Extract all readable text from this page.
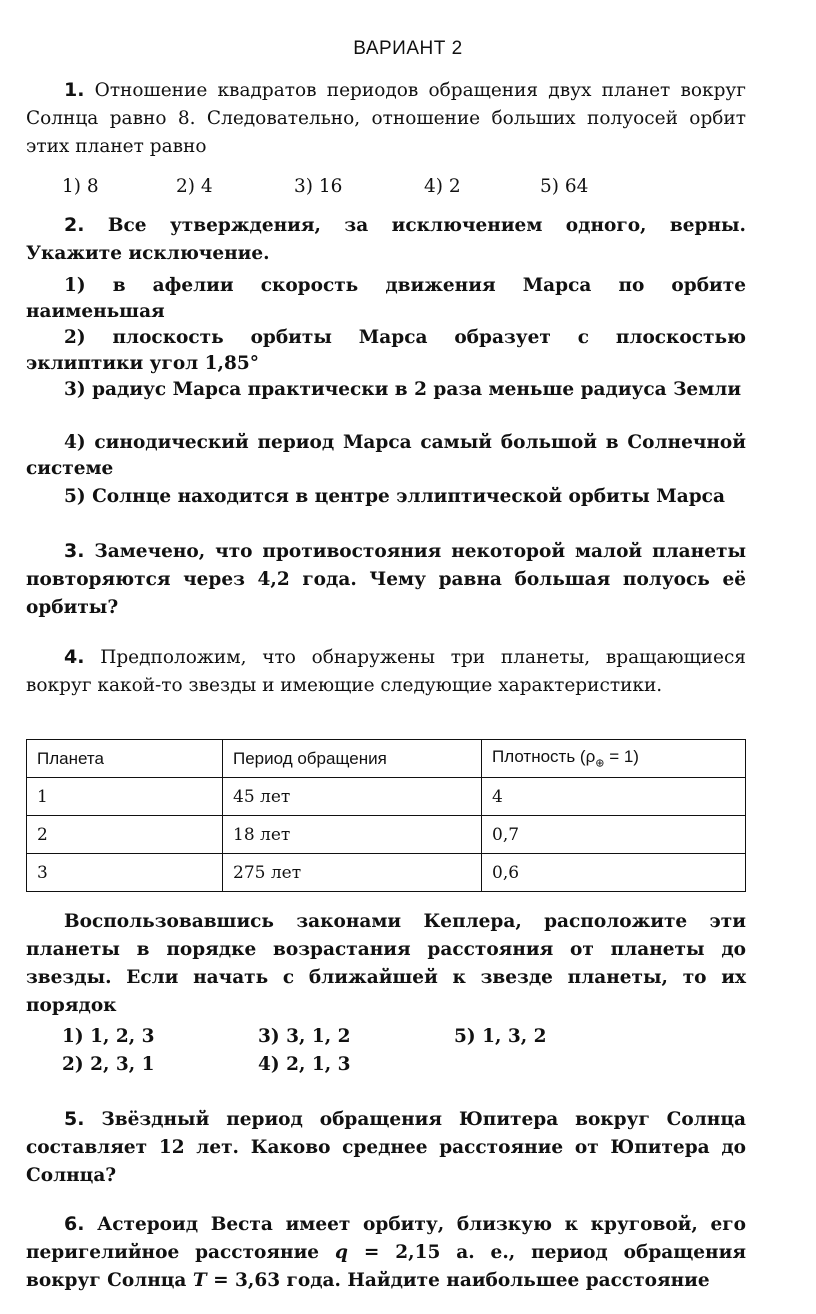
ВАРИАНТ 2

1. Отношение квадратов периодов обращения двух планет вокруг Солнца равно 8. Следовательно, отношение больших полуосей орбит этих планет равно

1) 8	2) 4	3) 16	4) 2	5) 64

2. Все утверждения, за исключением одного, верны. Укажите исключение.

1) в афелии скорость движения Марса по орбите наименьшая

2) плоскость орбиты Марса образует с плоскостью эклиптики угол 1,85°

3) радиус Марса практически в 2 раза меньше радиуса Земли

4) синодический период Марса самый большой в Солнечной системе

5) Солнце находится в центре эллиптической орбиты Марса

3. Замечено, что противостояния некоторой малой планеты повторяются через 4,2 года. Чему равна большая полуось её орбиты?

4. Предположим, что обнаружены три планеты, вращающиеся вокруг какой-то звезды и имеющие следующие характеристики.

Планета	Период обращения	Плотность $(\rho_\oplus = 1)$
1	45 лет	4
2	18 лет	0,7
3	275 лет	0,6

Воспользовавшись законами Кеплера, расположите эти планеты в порядке возрастания расстояния от планеты до звезды. Если начать с ближайшей к звезде планеты, то их порядок

1) 1, 2, 3	3) 3, 1, 2	5) 1, 3, 2
2) 2, 3, 1	4) 2, 1, 3

5. Звёздный период обращения Юпитера вокруг Солнца составляет 12 лет. Каково среднее расстояние от Юпитера до Солнца?

6. Астероид Веста имеет орбиту, близкую к круговой, его перигелийное расстояние q = 2,15 а. е., период обращения вокруг Солнца T = 3,63 года. Найдите наибольшее расстояние
